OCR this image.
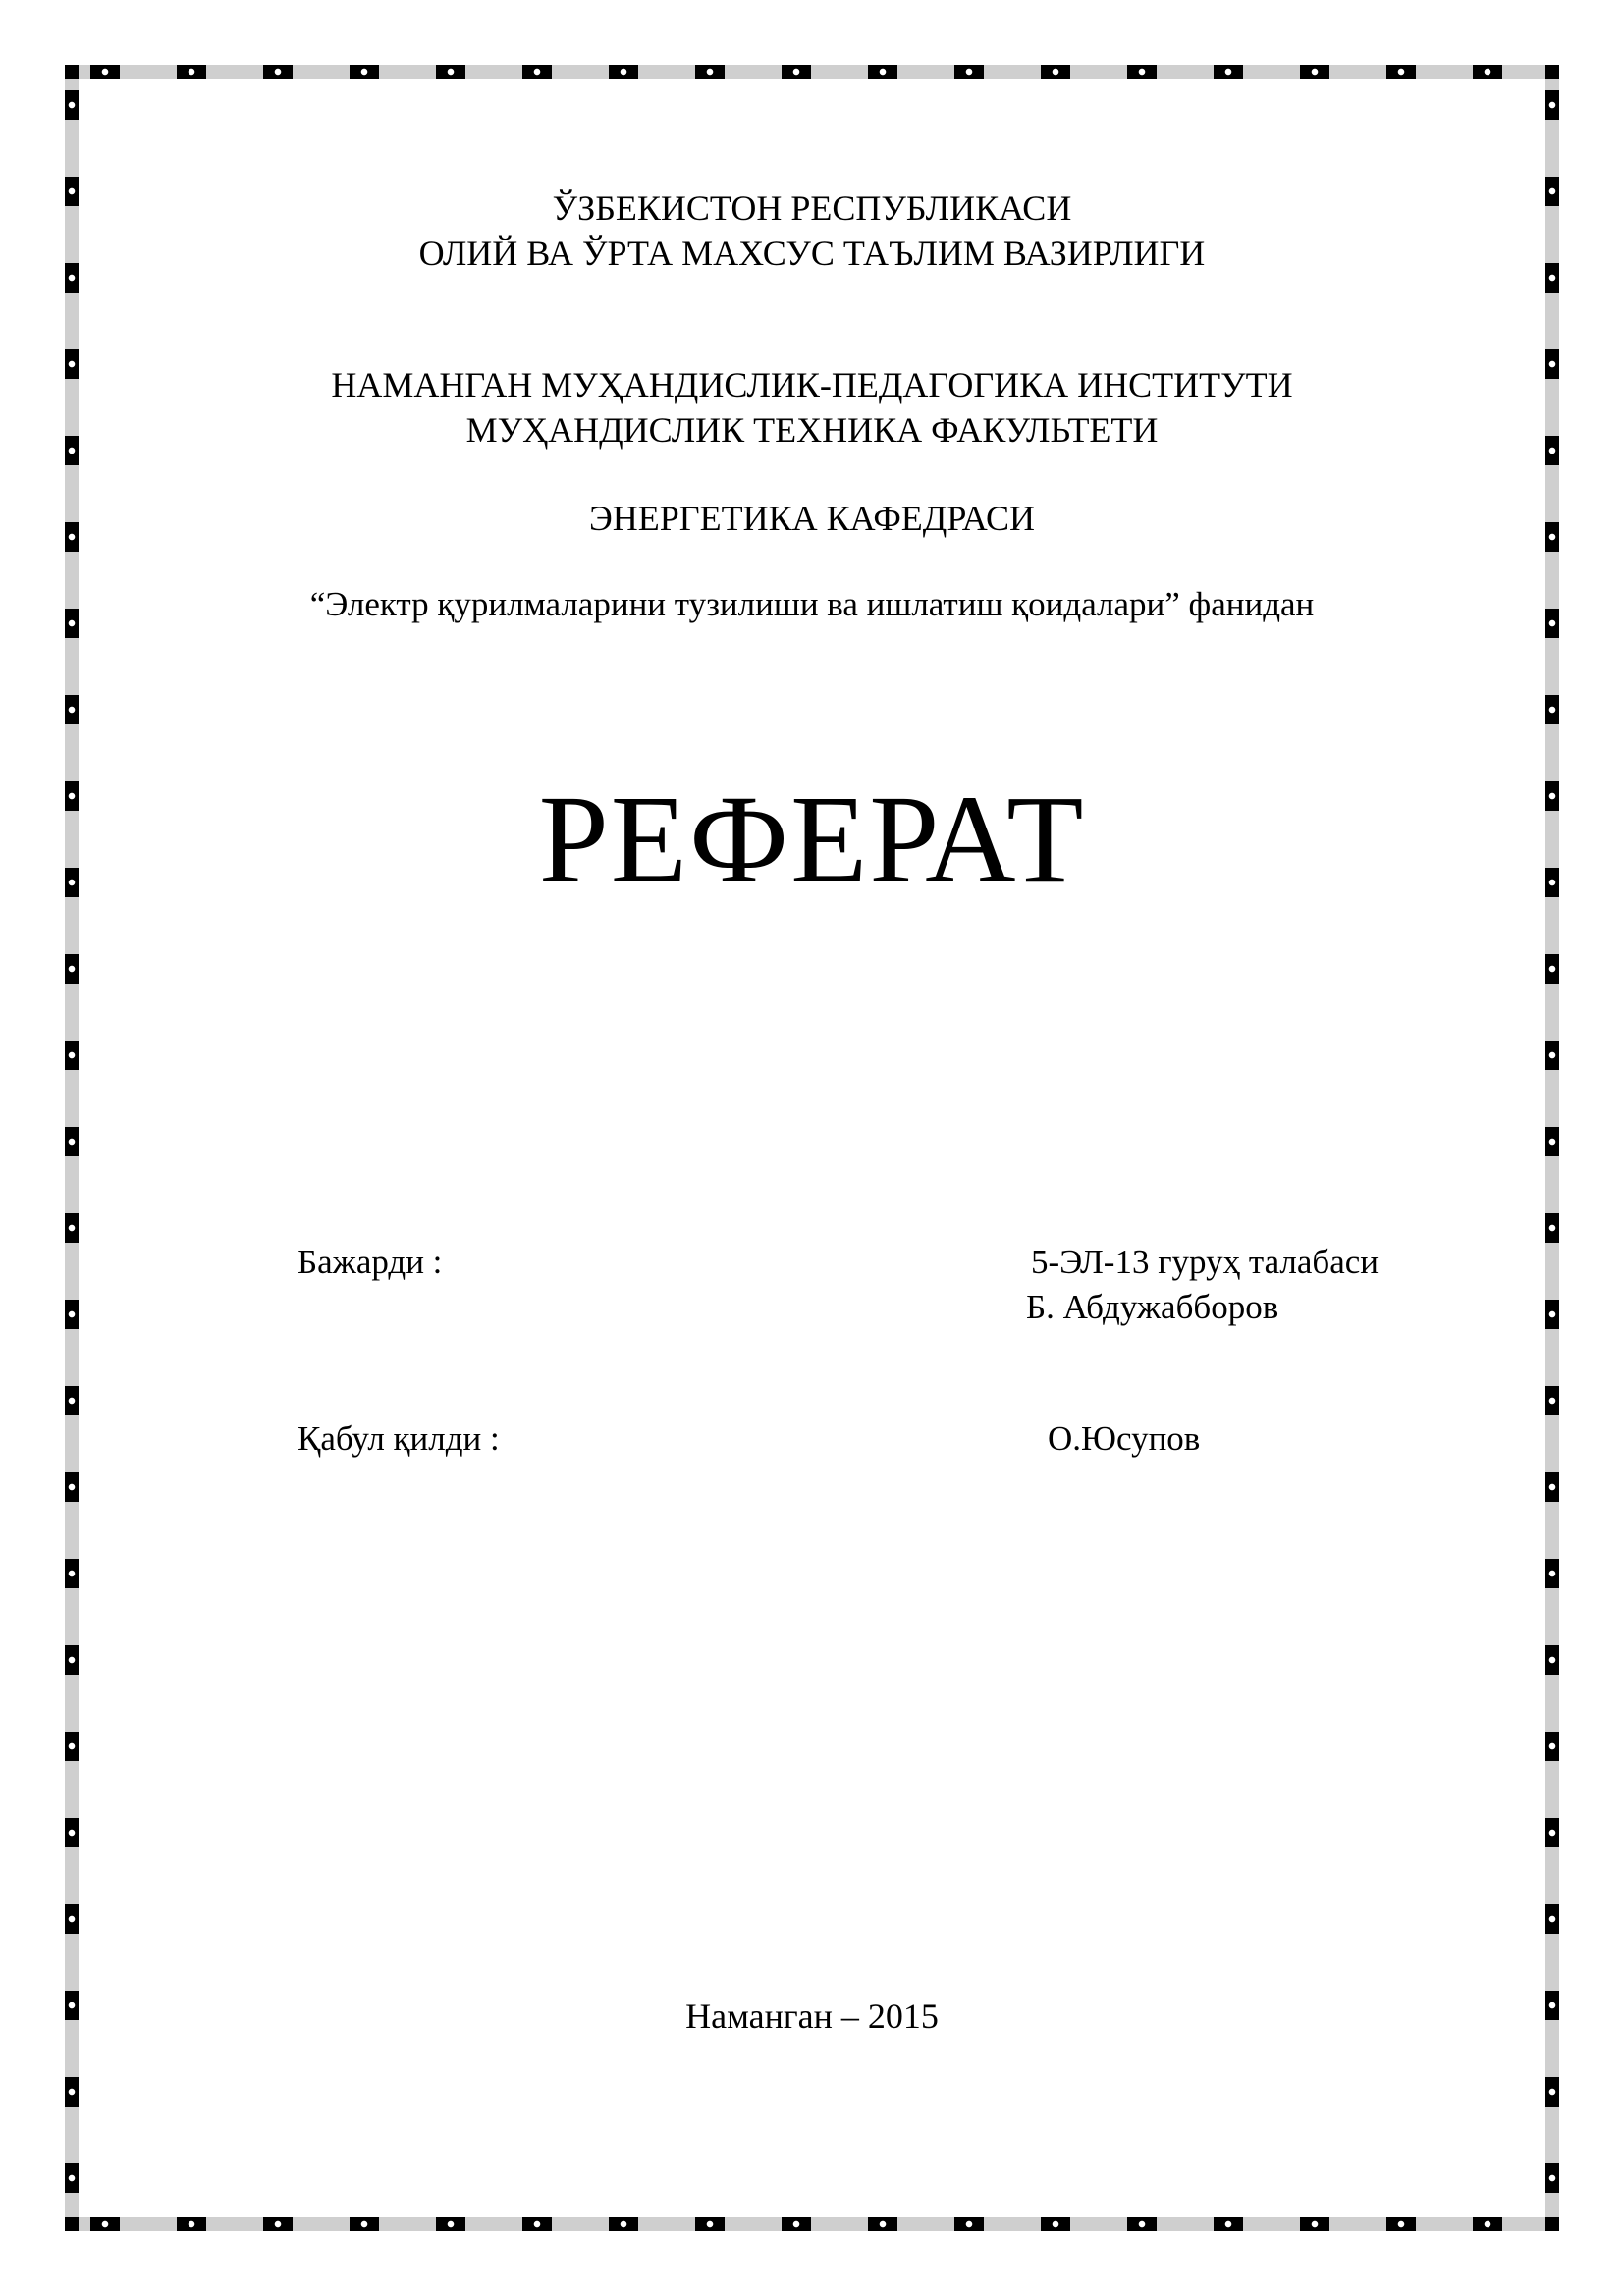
ЎЗБЕКИСТОН РЕСПУБЛИКАСИ
ОЛИЙ ВА ЎРТА МАХСУС ТАЪЛИМ ВАЗИРЛИГИ
НАМАНГАН МУҲАНДИСЛИК-ПЕДАГОГИКА ИНСТИТУТИ
МУҲАНДИСЛИК ТЕХНИКА ФАКУЛЬТЕТИ
ЭНЕРГЕТИКА КАФЕДРАСИ
“Электр қурилмаларини тузилиши ва ишлатиш қоидалари” фанидан
РЕФЕРАТ
Бажарди :	5-ЭЛ-13 гуруҳ талабаси
Б. Абдужабборов
Қабул қилди :	О.Юсупов
Наманган – 2015
